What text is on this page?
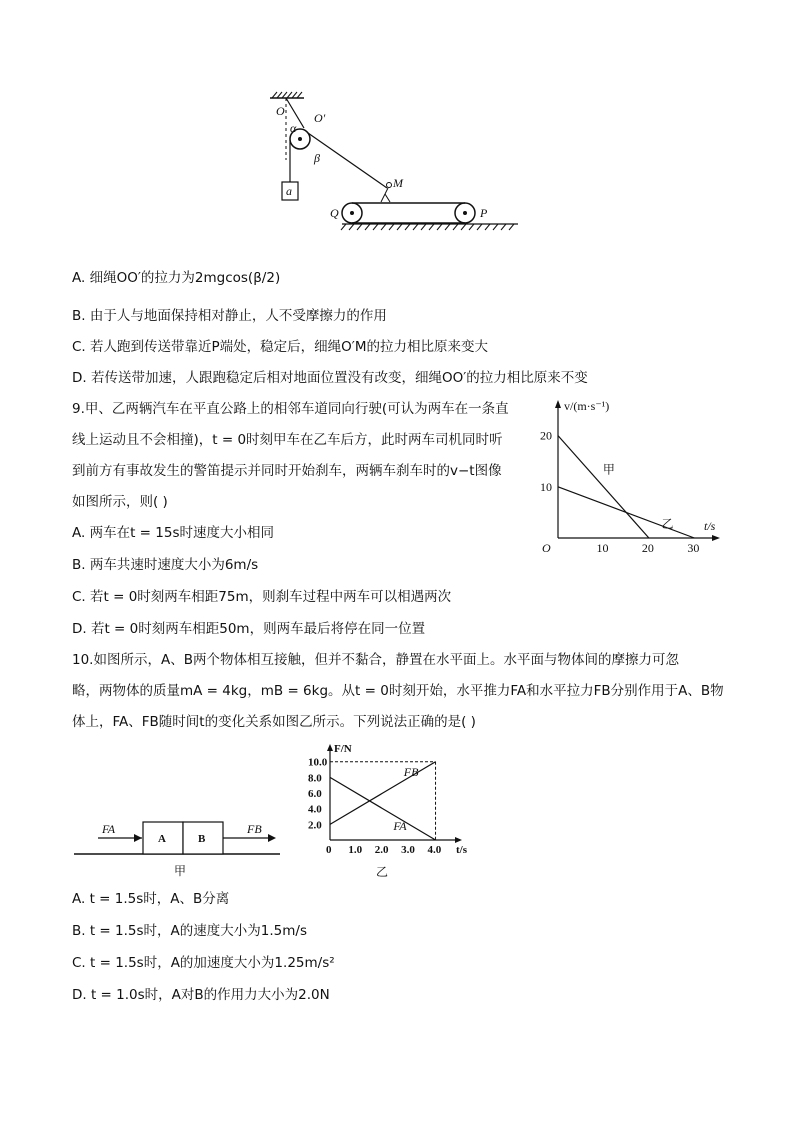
O O′
α
β
a
M
Q	P
A. 细绳OO′的拉力为2mgcos(β/2)
B. 由于人与地面保持相对静止，人不受摩擦力的作用
C. 若人跑到传送带靠近P端处，稳定后，细绳O′M的拉力相比原来变大
D. 若传送带加速，人跟跑稳定后相对地面位置没有改变，细绳OO′的拉力相比原来不变
9.甲、乙两辆汽车在平直公路上的相邻车道同向行驶(可认为两车在一条直
线上运动且不会相撞)，t = 0时刻甲车在乙车后方，此时两车司机同时听
到前方有事故发生的警笛提示并同时开始刹车，两辆车刹车时的v−t图像
如图所示，则( )
A. 两车在t = 15s时速度大小相同
B. 两车共速时速度大小为6m/s
C. 若t = 0时刻两车相距75m，则刹车过程中两车可以相遇两次
D. 若t = 0时刻两车相距50m，则两车最后将停在同一位置
10	20	30
10
20
O
t/s
v/(m·s⁻¹)
甲
乙
10.如图所示，A、B两个物体相互接触，但并不黏合，静置在水平面上。水平面与物体间的摩擦力可忽
略，两物体的质量mA = 4kg，mB = 6kg。从t = 0时刻开始，水平推力FA和水平拉力FB分别作用于A、B物
体上，FA、FB随时间t的变化关系如图乙所示。下列说法正确的是( )
A	B
FA	FB
甲
1.0 2.0 3.0 4.0
2.0
4.0
6.0
8.0
10.0
0	t/s
F/N
FA
FB
乙
A. t = 1.5s时，A、B分离
B. t = 1.5s时，A的速度大小为1.5m/s
C. t = 1.5s时，A的加速度大小为1.25m/s²
D. t = 1.0s时，A对B的作用力大小为2.0N
